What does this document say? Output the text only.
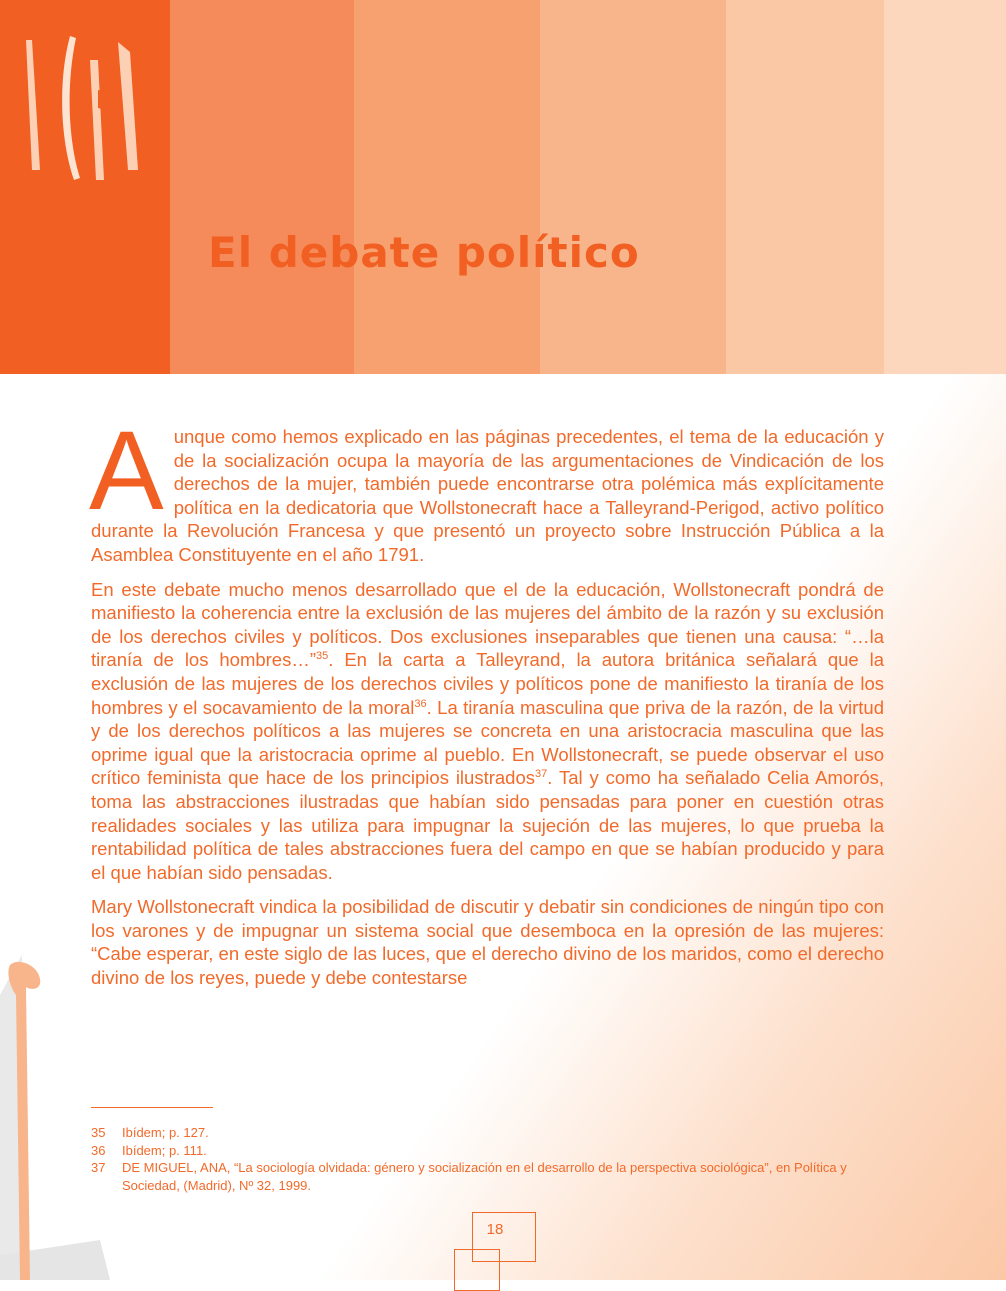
El debate político

Aunque como hemos explicado en las páginas precedentes, el tema de la educación y de la socialización ocupa la mayoría de las argumentaciones de Vindicación de los derechos de la mujer, también puede encontrarse otra polémica más explícitamente política en la dedicatoria que Wollstonecraft hace a Talleyrand-Perigod, activo político durante la Revolución Francesa y que presentó un proyecto sobre Instrucción Pública a la Asamblea Constituyente en el año 1791.

En este debate mucho menos desarrollado que el de la educación, Wollstonecraft pondrá de manifiesto la coherencia entre la exclusión de las mujeres del ámbito de la razón y su exclusión de los derechos civiles y políticos. Dos exclusiones inseparables que tienen una causa: “…la tiranía de los hombres…”$^{35}$. En la carta a Talleyrand, la autora británica señalará que la exclusión de las mujeres de los derechos civiles y políticos pone de manifiesto la tiranía de los hombres y el socavamiento de la moral$^{36}$. La tiranía masculina que priva de la razón, de la virtud y de los derechos políticos a las mujeres se concreta en una aristocracia masculina que las oprime igual que la aristocracia oprime al pueblo. En Wollstonecraft, se puede observar el uso crítico feminista que hace de los principios ilustrados$^{37}$. Tal y como ha señalado Celia Amorós, toma las abstracciones ilustradas que habían sido pensadas para poner en cuestión otras realidades sociales y las utiliza para impugnar la sujeción de las mujeres, lo que prueba la rentabilidad política de tales abstracciones fuera del campo en que se habían producido y para el que habían sido pensadas.

Mary Wollstonecraft vindica la posibilidad de discutir y debatir sin condiciones de ningún tipo con los varones y de impugnar un sistema social que desemboca en la opresión de las mujeres: “Cabe esperar, en este siglo de las luces, que el derecho divino de los maridos, como el derecho divino de los reyes, puede y debe contestarse

35	Ibídem; p. 127.
36	Ibídem; p. 111.
37	DE MIGUEL, ANA, “La sociología olvidada: género y socialización en el desarrollo de la perspectiva sociológica”, en Política y Sociedad, (Madrid), Nº 32, 1999.
18
